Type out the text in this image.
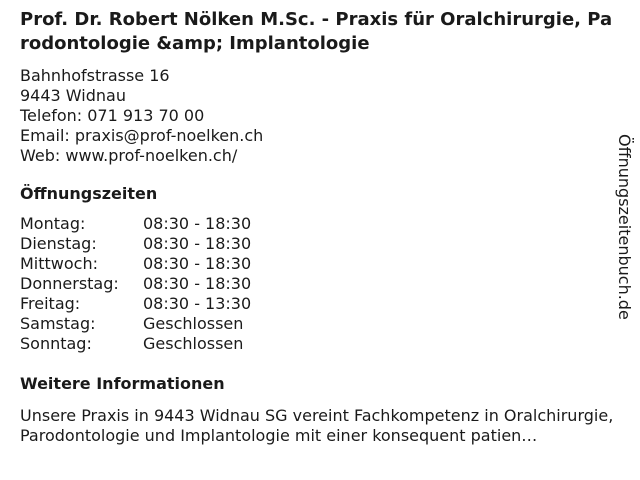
Prof. Dr. Robert Nölken M.Sc. - Praxis für Oralchirurgie, Parodontologie &amp; Implantologie
Bahnhofstrasse 16
9443 Widnau
Telefon: 071 913 70 00
Email: praxis@prof-noelken.ch
Web: www.prof-noelken.ch/
Öffnungszeiten
Montag:	08:30 - 18:30
Dienstag:	08:30 - 18:30
Mittwoch:	08:30 - 18:30
Donnerstag:	08:30 - 18:30
Freitag:	08:30 - 13:30
Samstag:	Geschlossen
Sonntag:	Geschlossen
Weitere Informationen
Unsere Praxis in 9443 Widnau SG vereint Fachkompetenz in Oralchirurgie, Parodontologie und Implantologie mit einer konsequent patien…
Öffnungszeitenbuch.de
